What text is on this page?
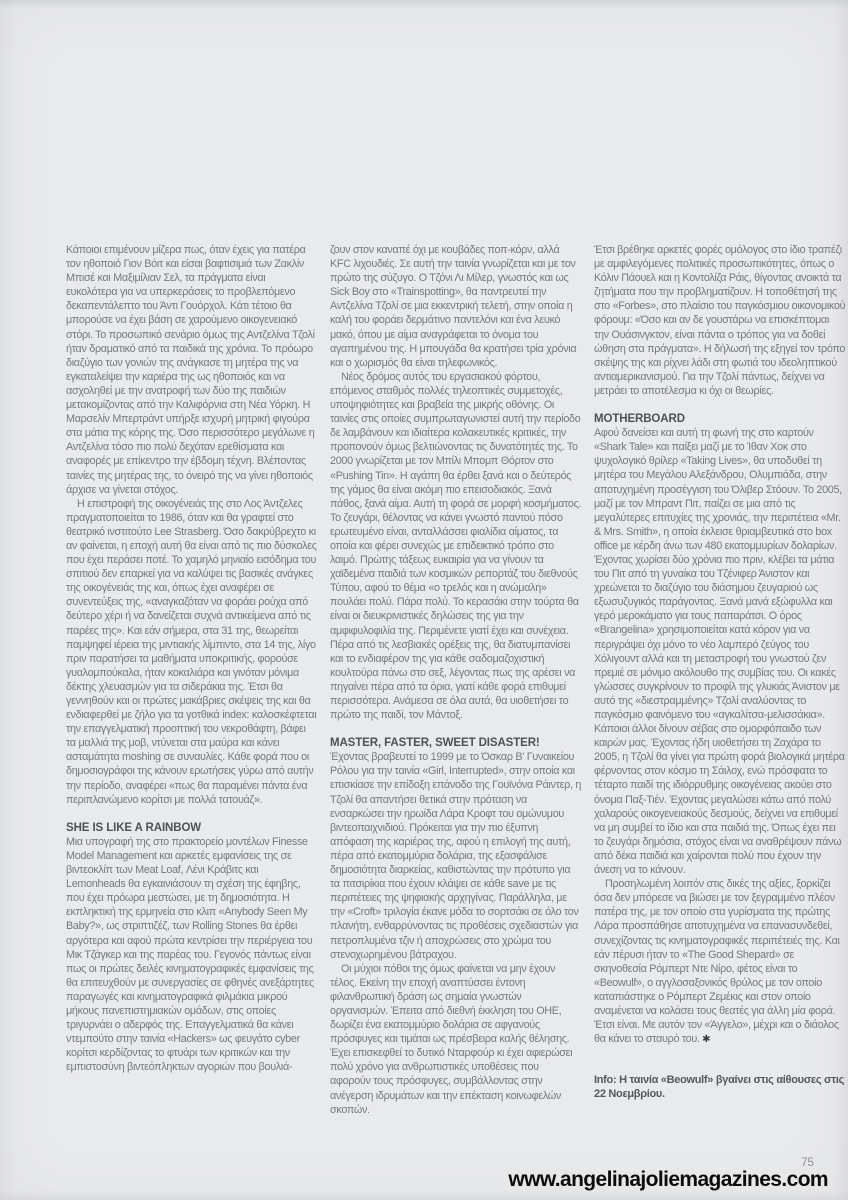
Κάποιοι επιμένουν μίζερα πως, όταν έχεις για πατέρα τον ηθοποιό Γιον Βόιτ και είσαι βαφτισιμιά των Ζακλίν Μπισέ και Μαξιμίλιαν Σελ, τα πράγματα είναι ευκολότερα για να υπερκεράσεις το προβλεπόμενο δεκαπεντάλεπτο του Άντι Γουόρχολ. Κάτι τέτοιο θα μπορούσε να έχει βάση σε χαρούμενο οικογενειακό στόρι. Το προσωπικό σενάριο όμως της Αντζελίνα Τζολί ήταν δραματικό από τα παιδικά της χρόνια. Το πρόωρο διαζύγιο των γονιών της ανάγκασε τη μητέρα της να εγκαταλείψει την καριέρα της ως ηθοποιός και να ασχοληθεί με την ανατροφή των δύο της παιδιών μετακομίζοντας από την Καλιφόρνια στη Νέα Υόρκη. Η Μαρσελίν Μπερτράντ υπήρξε ισχυρή μητρική φιγούρα στα μάτια της κόρης της. Όσο περισσότερο μεγάλωνε η Αντζελίνα τόσο πιο πολύ δεχόταν ερεθίσματα και αναφορές με επίκεντρο την έβδομη τέχνη. Βλέποντας ταινίες της μητέρας της, το όνειρό της να γίνει ηθοποιός άρχισε να γίνεται στόχος.

Η επιστροφή της οικογένειάς της στο Λος Άντζελες πραγματοποιείται το 1986, όταν και θα γραφτεί στο θεατρικό ινστιτούτο Lee Strasberg. Όσο δακρύβρεχτο κι αν φαίνεται, η εποχή αυτή θα είναι από τις πιο δύσκολες που έχει περάσει ποτέ. Το χαμηλό μηνιαίο εισόδημα του σπιτιού δεν επαρκεί για να καλύψει τις βασικές ανάγκες της οικογένειάς της και, όπως έχει αναφέρει σε συνεντεύξεις της, «αναγκαζόταν να φοράει ρούχα από δεύτερο χέρι ή να δανείζεται συχνά αντικείμενα από τις παρέες της». Και εάν σήμερα, στα 31 της, θεωρείται παμψηφεί ιέρεια της μιντιακής λίμπιντο, στα 14 της, λίγο πριν παρατήσει τα μαθήματα υποκριτικής, φορούσε γυαλομπούκαλα, ήταν κοκαλιάρα και γινόταν μόνιμα δέκτης χλευασμών για τα σιδεράκια της. Έτσι θα γεννηθούν και οι πρώτες μακάβριες σκέψεις της και θα ενδιαφερθεί με ζήλο για τα γοτθικά index: καλοσκέφτεται την επαγγελματική προοπτική του νεκροθάφτη, βάφει τα μαλλιά της μοβ, ντύνεται στα μαύρα και κάνει ασταμάτητα moshing σε συναυλίες. Κάθε φορά που οι δημοσιογράφοι της κάνουν ερωτήσεις γύρω από αυτήν την περίοδο, αναφέρει «πως θα παραμένει πάντα ένα περιπλανώμενο κορίτσι με πολλά τατουάζ».

SHE IS LIKE A RAINBOW

Μια υπογραφή της στο πρακτορείο μοντέλων Finesse Model Management και αρκετές εμφανίσεις της σε βιντεοκλίπ των Meat Loaf, Λένι Κράβιτς και Lemonheads θα εγκαινιάσουν τη σχέση της έφηβης, που έχει πρόωρα μεστώσει, με τη δημοσιότητα. Η εκπληκτική της ερμηνεία στο κλιπ «Anybody Seen My Baby?», ως στριπτιζέζ, των Rolling Stones θα έρθει αργότερα και αφού πρώτα κεντρίσει την περιέργεια του Μικ Τζάγκερ και της παρέας του. Γεγονός πάντως είναι πως οι πρώτες δειλές κινηματογραφικές εμφανίσεις της θα επιτευχθούν με συνεργασίες σε φθηνές ανεξάρτητες παραγωγές και κινηματογραφικά φιλμάκια μικρού μήκους πανεπιστημιακών ομάδων, στις οποίες τριγυρνάει ο αδερφός της. Επαγγελματικά θα κάνει ντεμπούτο στην ταινία «Hackers» ως φευγάτο cyber κορίτσι κερδίζοντας το φτυάρι των κριτικών και την εμπιστοσύνη βιντεόπληκτων αγοριών που βουλιά-

ζουν στον καναπέ όχι με κουβάδες ποπ-κόρν, αλλά KFC λιχουδιές. Σε αυτή την ταινία γνωρίζεται και με τον πρώτο της σύζυγο. Ο Τζόνι Λι Μίλερ, γνωστός και ως Sick Boy στο «Trainspotting», θα παντρευτεί την Αντζελίνα Τζολί σε μια εκκεντρική τελετή, στην οποία η καλή του φοράει δερμάτινο παντελόνι και ένα λευκό μακό, όπου με αίμα αναγράφεται το όνομα του αγαπημένου της. Η μπουγάδα θα κρατήσει τρία χρόνια και ο χωρισμός θα είναι τηλεφωνικός.

Νέος δρόμος αυτός του εργασιακού φόρτου, επόμενος σταθμός πολλές τηλεοπτικές συμμετοχές, υποψηφιότητες και βραβεία της μικρής οθόνης. Οι ταινίες στις οποίες συμπρωταγωνιστεί αυτή την περίοδο δε λαμβάνουν και ιδιαίτερα κολακευτικές κριτικές, την προπονούν όμως βελτιώνοντας τις δυνατότητές της. Το 2000 γνωρίζεται με τον Μπίλι Μπομπ Θόρτον στο «Pushing Tin». Η αγάπη θα έρθει ξανά και ο δεύτερός της γάμος θα είναι ακόμη πιο επεισοδιακός. Ξανά πάθος, ξανά αίμα. Αυτή τη φορά σε μορφή κοσμήματος. Το ζευγάρι, θέλοντας να κάνει γνωστό παντού πόσο ερωτευμένο είναι, ανταλλάσσει φιαλίδια αίματος, τα οποία και φέρει συνεχώς με επιδεικτικό τρόπο στο λαιμό. Πρώτης τάξεως ευκαιρία για να γίνουν τα χαϊδεμένα παιδιά των κοσμικών ρεπορτάζ του διεθνούς Τύπου, αφού το θέμα «ο τρελός και η ανώμαλη» πουλάει πολύ. Πάρα πολύ. Το κερασάκι στην τούρτα θα είναι οι διευκρινιστικές δηλώσεις της για την αμφιφυλοφιλία της. Περιμένετε γιατί έχει και συνέχεια. Πέρα από τις λεσβιακές ορέξεις της, θα διατυμπανίσει και το ενδιαφέρον της για κάθε σαδομαζοχιστική κουλτούρα πάνω στο σεξ, λέγοντας πως της αρέσει να πηγαίνει πέρα από τα όρια, γιατί κάθε φορά επιθυμεί περισσότερα. Ανάμεσα σε όλα αυτά, θα υιοθετήσει το πρώτο της παιδί, τον Μάντοξ.

MASTER, FASTER, SWEET DISASTER!

Έχοντας βραβευτεί το 1999 με το Όσκαρ Β' Γυναικείου Ρόλου για την ταινία «Girl, Interrupted», στην οποία και επισκίασε την επίδοξη επάνοδο της Γουϊνόνα Ράιντερ, η Τζολί θα απαντήσει θετικά στην πρόταση να ενσαρκώσει την ηρωίδα Λάρα Κροφτ του ομώνυμου βιντεοπαιχνιδιού. Πρόκειται για την πιο έξυπνη απόφαση της καριέρας της, αφού η επιλογή της αυτή, πέρα από εκατομμύρια δολάρια, της εξασφάλισε δημοσιότητα διαρκείας, καθιστώντας την πρότυπο για τα πιτσιρίκια που έχουν κλάψει σε κάθε save με τις περιπέτειες της ψηφιακής αρχηγίνας. Παράλληλα, με την «Croft» τριλογία έκανε μόδα το σορτσάκι σε όλο τον πλανήτη, ενθαρρύνοντας τις προθέσεις σχεδιαστών για πετροπλυμένα τζιν ή αποχρώσεις στο χρώμα του στενοχωρημένου βάτραχου.

Οι μύχιοι πόθοι της όμως φαίνεται να μην έχουν τέλος. Εκείνη την εποχή αναπτύσσει έντονη φιλανθρωπική δράση ως σημαία γνωστών οργανισμών. Έπειτα από διεθνή έκκληση του ΟΗΕ, δωρίζει ένα εκατομμύριο δολάρια σε αφγανούς πρόσφυγες και τιμάται ως πρέσβειρα καλής θέλησης. Έχει επισκεφθεί το δυτικό Νταρφούρ κι έχει αφιερώσει πολύ χρόνο για ανθρωπιστικές υποθέσεις που αφορούν τους πρόσφυγες, συμβάλλοντας στην ανέγερση ιδρυμάτων και την επέκταση κοινωφελών σκοπών.

Έτσι βρέθηκε αρκετές φορές ομόλογος στο ίδιο τραπέζι με αμφιλεγόμενες πολιτικές προσωπικότητες, όπως ο Κόλιν Πάουελ και η Κοντολίζα Ράις, θίγοντας ανοικτά τα ζητήματα που την προβληματίζουν. Η τοποθέτησή της στο «Forbes», στο πλαίσιο του παγκόσμιου οικονομικού φόρουμ: «Όσο και αν δε γουστάρω να επισκέπτομαι την Ουάσινγκτον, είναι πάντα ο τρόπος για να δοθεί ώθηση στα πράγματα». Η δήλωσή της εξηγεί τον τρόπο σκέψης της και ρίχνει λάδι στη φωτιά του ιδεοληπτικού αντιαμερικανισμού. Για την Τζολί πάντως, δείχνει να μετράει το αποτέλεσμα κι όχι οι θεωρίες.

MOTHERBOARD

Αφού δανείσει και αυτή τη φωνή της στο καρτούν «Shark Tale» και παίξει μαζί με το Ίθαν Χοκ στο ψυχολογικό θρίλερ «Taking Lives», θα υποδυθεί τη μητέρα του Μεγάλου Αλεξάνδρου, Ολυμπιάδα, στην αποτυχημένη προσέγγιση του Όλιβερ Στόουν. Το 2005, μαζί με τον Μπραντ Πιτ, παίζει σε μια από τις μεγαλύτερες επιτυχίες της χρονιάς, την περιπέτεια «Mr. & Mrs. Smith», η οποία έκλεισε θριαμβευτικά στο box office με κέρδη άνω των 480 εκατομμυρίων δολαρίων. Έχοντας χωρίσει δύο χρόνια πιο πριν, κλέβει τα μάτια του Πιτ από τη γυναίκα του Τζένιφερ Άνιστον και χρεώνεται το διαζύγιο του διάσημου ζευγαριού ως εξωσυζυγικός παράγοντας. Ξανά μανά εξώφυλλα και γερό μεροκάματο για τους παπαράτσι. Ο όρος «Brangelina» χρησιμοποιείται κατά κόρον για να περιγράψει όχι μόνο το νέο λαμπερό ζεύγος του Χόλιγουντ αλλά και τη μεταστροφή του γνωστού ζεν πρεμιέ σε μόνιμο ακόλουθο της συμβίας του. Οι κακές γλώσσες συγκρίνουν το προφίλ της γλυκιάς Άνιστον με αυτό της «διεστραμμένης» Τζολί αναλύοντας το παγκόσμιο φαινόμενο του «αγκαλίτσα-μελισσάκια». Κάποιοι άλλοι δίνουν σέβας στο ομορφόπαιδο των καιρών μας. Έχοντας ήδη υιοθετήσει τη Ζαχάρα το 2005, η Τζολί θα γίνει για πρώτη φορά βιολογικά μητέρα φέρνοντας στον κόσμο τη Σάιλοχ, ενώ πρόσφατα το τέταρτο παιδί της ιδιόρρυθμης οικογένειας ακούει στο όνομα Παξ-Τιέν. Έχοντας μεγαλώσει κάτω από πολύ χαλαρούς οικογενειακούς δεσμούς, δείχνει να επιθυμεί να μη συμβεί το ίδιο και στα παιδιά της. Όπως έχει πει το ζευγάρι δημόσια, στόχος είναι να αναθρέψουν πάνω από δέκα παιδιά και χαίρονται πολύ που έχουν την άνεση να το κάνουν.

Προσηλωμένη λοιπόν στις δικές της αξίες, ξορκίζει όσα δεν μπόρεσε να βιώσει με τον ξεγραμμένο πλέον πατέρα της, με τον οποίο στα γυρίσματα της πρώτης Λάρα προσπάθησε αποτυχημένα να επανασυνδεθεί, συνεχίζοντας τις κινηματογραφικές περιπέτειές της. Και εάν πέρυσι ήταν το «The Good Shepard» σε σκηνοθεσία Ρόμπερτ Ντε Νίρο, φέτος είναι το «Beowulf», ο αγγλοσαξονικός θρύλος με τον οποίο καταπιάστηκε ο Ρόμπερτ Ζεμέκις και στον οποίο αναμένεται να κολάσει τους θεατές για άλλη μία φορά. Έτσι είναι. Με αυτόν τον «Άγγελο», μέχρι και ο διάολος θα κάνει το σταυρό του. ✱

Info: Η ταινία «Beowulf» βγαίνει στις αίθουσες στις 22 Νοεμβρίου.

75
www.angelinajoliemagazines.com
